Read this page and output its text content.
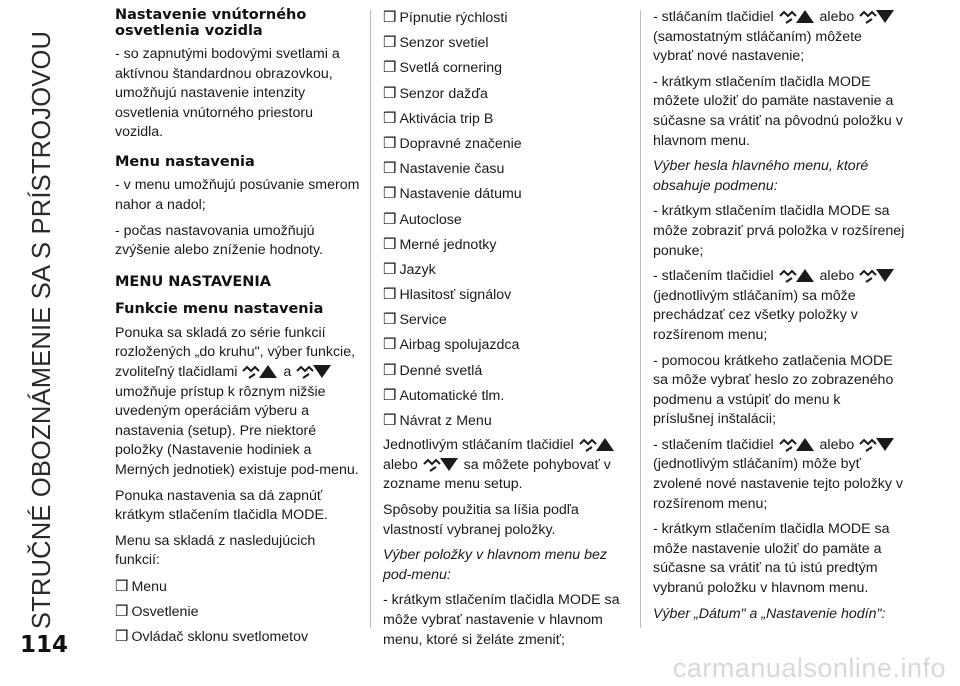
STRUČNÉ OBOZNÁMENIE SA S PRÍSTROJOVOU
114
Nastavenie vnútorného osvetlenia vozidla

- so zapnutými bodovými svetlami a aktívnou štandardnou obrazovkou, umožňujú nastavenie intenzity osvetlenia vnútorného priestoru vozidla.

Menu nastavenia

- v menu umožňujú posúvanie smerom nahor a nadol;

- počas nastavovania umožňujú zvýšenie alebo zníženie hodnoty.

MENU NASTAVENIA
Funkcie menu nastavenia

Ponuka sa skladá zo série funkcií rozložených „do kruhu", výber funkcie, zvoliteľný tlačidlami	a
umožňuje prístup k rôznym nižšie uvedeným operáciám výberu a nastavenia (setup). Pre niektoré položky (Nastavenie hodiniek a Merných jednotiek) existuje pod-menu.

Ponuka nastavenia sa dá zapnúť krátkym stlačením tlačidla MODE.

Menu sa skladá z nasledujúcich funkcií:

❒ Menu
❒ Osvetlenie
❒ Ovládač sklonu svetlometov
❒ Pípnutie rýchlosti
❒ Senzor svetiel
❒ Svetlá cornering
❒ Senzor dažďa
❒ Aktivácia trip B
❒ Dopravné značenie
❒ Nastavenie času
❒ Nastavenie dátumu
❒ Autoclose
❒ Merné jednotky
❒ Jazyk
❒ Hlasitosť signálov
❒ Service
❒ Airbag spolujazdca
❒ Denné svetlá
❒ Automatické tlm.
❒ Návrat z Menu

Jednotlivým stláčaním tlačidiel
alebo	sa môžete pohybovať v zozname menu setup.

Spôsoby použitia sa líšia podľa vlastností vybranej položky.

Výber položky v hlavnom menu bez pod-menu:

- krátkym stlačením tlačidla MODE sa môže vybrať nastavenie v hlavnom menu, ktoré si želáte zmeniť;

- stláčaním tlačidiel	alebo
(samostatným stláčaním) môžete vybrať nové nastavenie;

- krátkym stlačením tlačidla MODE môžete uložiť do pamäte nastavenie a súčasne sa vrátiť na pôvodnú položku v hlavnom menu.

Výber hesla hlavného menu, ktoré obsahuje podmenu:

- krátkym stlačením tlačidla MODE sa môže zobraziť prvá položka v rozšírenej ponuke;

- stlačením tlačidiel	alebo
(jednotlivým stláčaním) sa môže prechádzať cez všetky položky v rozšírenom menu;

- pomocou krátkeho zatlačenia MODE sa môže vybrať heslo zo zobrazeného podmenu a vstúpiť do menu k príslušnej inštalácii;

- stlačením tlačidiel	alebo
(jednotlivým stláčaním) môže byť zvolené nové nastavenie tejto položky v rozšírenom menu;

- krátkym stlačením tlačidla MODE sa môže nastavenie uložiť do pamäte a súčasne sa vrátiť na tú istú predtým vybranú položku v hlavnom menu.

Výber „Dátum" a „Nastavenie hodín":

carmanualsonline.info
